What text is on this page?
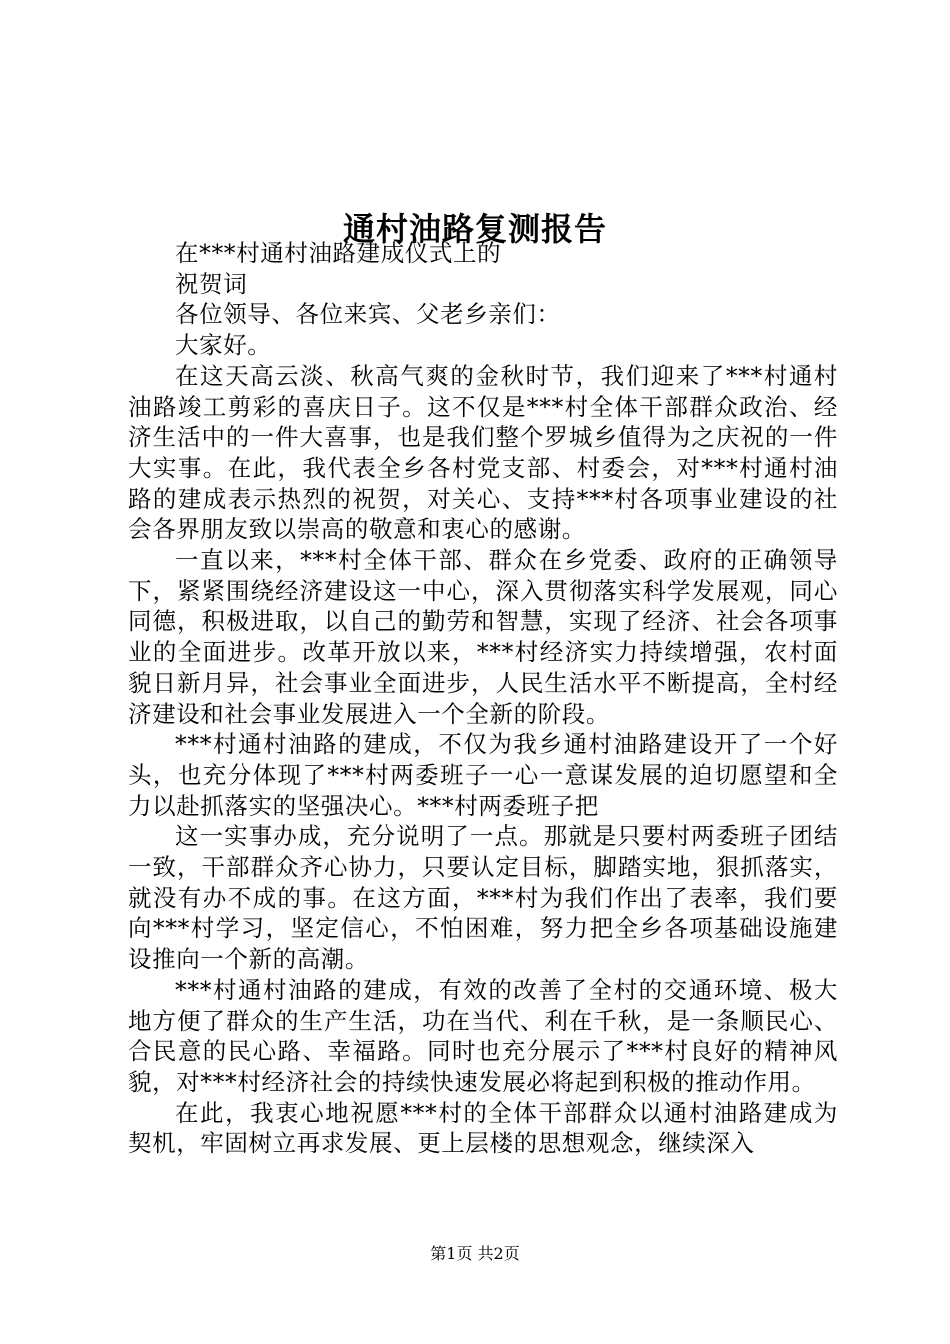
通村油路复测报告

在***村通村油路建成仪式上的

祝贺词

各位领导、各位来宾、父老乡亲们：

大家好。

在这天高云淡、秋高气爽的金秋时节，我们迎来了***村通村油路竣工剪彩的喜庆日子。这不仅是***村全体干部群众政治、经济生活中的一件大喜事，也是我们整个罗城乡值得为之庆祝的一件大实事。在此，我代表全乡各村党支部、村委会，对***村通村油路的建成表示热烈的祝贺，对关心、支持***村各项事业建设的社会各界朋友致以崇高的敬意和衷心的感谢。

一直以来，***村全体干部、群众在乡党委、政府的正确领导下，紧紧围绕经济建设这一中心，深入贯彻落实科学发展观，同心同德，积极进取，以自己的勤劳和智慧，实现了经济、社会各项事业的全面进步。改革开放以来，***村经济实力持续增强，农村面貌日新月异，社会事业全面进步，人民生活水平不断提高，全村经济建设和社会事业发展进入一个全新的阶段。

***村通村油路的建成，不仅为我乡通村油路建设开了一个好头，也充分体现了***村两委班子一心一意谋发展的迫切愿望和全力以赴抓落实的坚强决心。***村两委班子把

这一实事办成，充分说明了一点。那就是只要村两委班子团结一致，干部群众齐心协力，只要认定目标，脚踏实地，狠抓落实，就没有办不成的事。在这方面，***村为我们作出了表率，我们要向***村学习，坚定信心，不怕困难，努力把全乡各项基础设施建设推向一个新的高潮。

***村通村油路的建成，有效的改善了全村的交通环境、极大地方便了群众的生产生活，功在当代、利在千秋，是一条顺民心、合民意的民心路、幸福路。同时也充分展示了***村良好的精神风貌，对***村经济社会的持续快速发展必将起到积极的推动作用。

在此，我衷心地祝愿***村的全体干部群众以通村油路建成为契机，牢固树立再求发展、更上层楼的思想观念，继续深入

第1页 共2页
